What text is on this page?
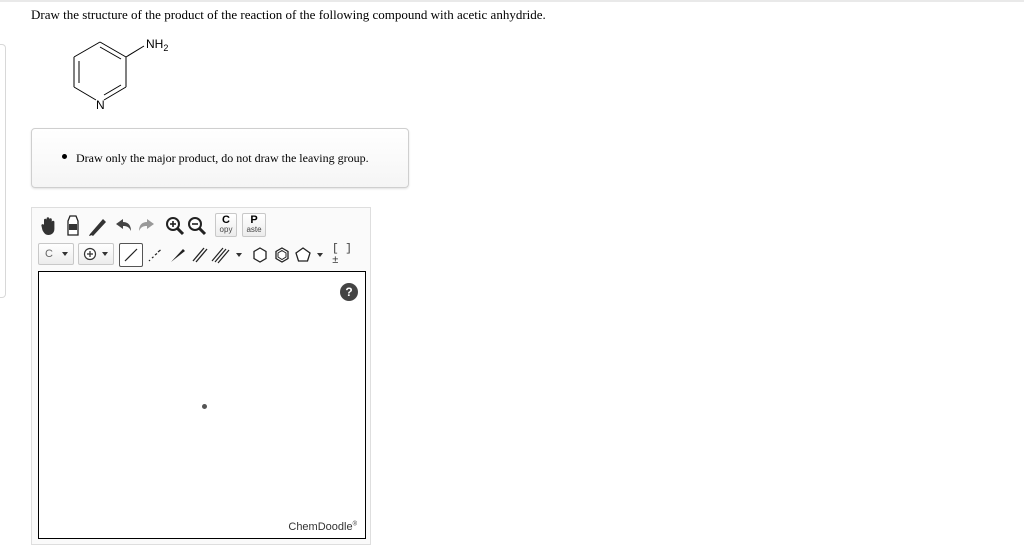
Draw the structure of the product of the reaction of the following compound with acetic anhydride.
$NH_2$
N
Draw only the major product, do not draw the leaving group.
C
opy
P
aste
C	[ ]±
?
ChemDoodle®
